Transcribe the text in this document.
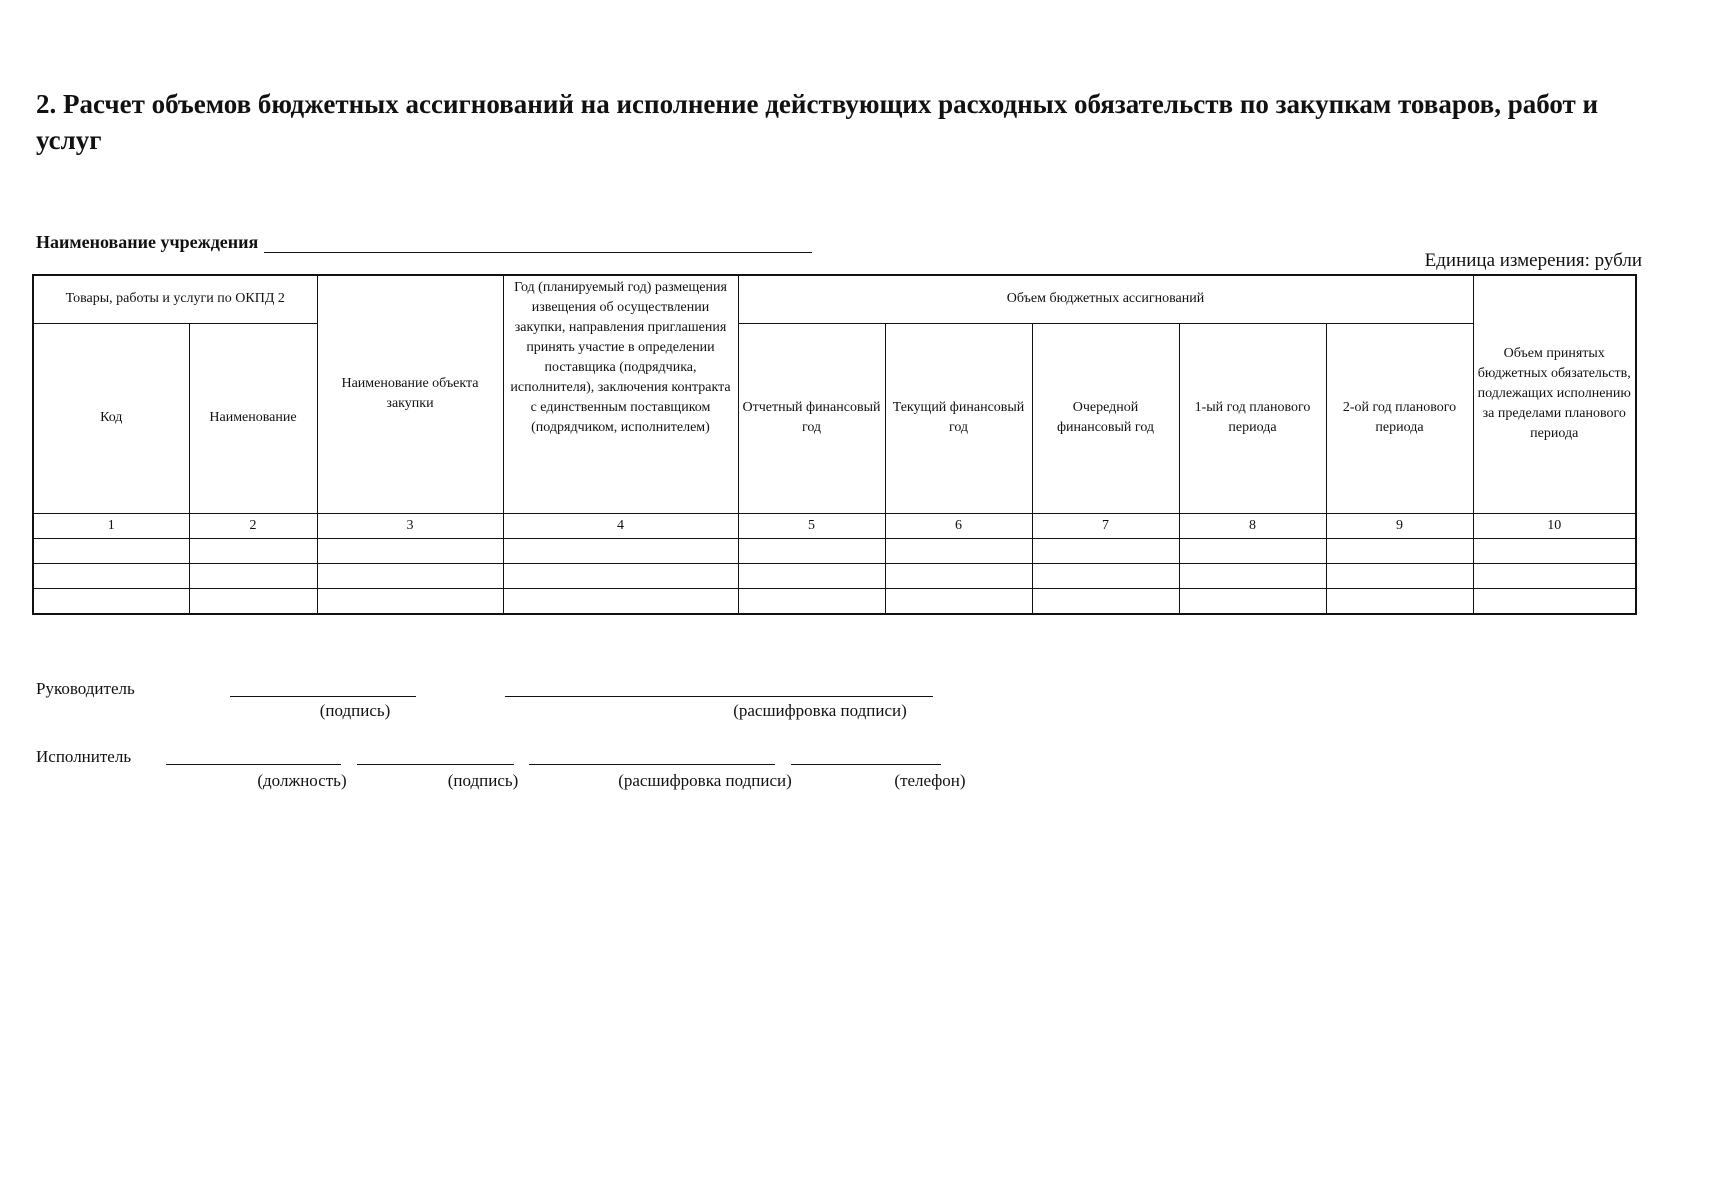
2. Расчет объемов бюджетных ассигнований на исполнение действующих расходных обязательств по закупкам товаров, работ и услуг
Наименование учреждения
Единица измерения: рубли
Товары, работы и услуги по ОКПД 2		Наименование объекта закупки	Год (планируемый год) размещения извещения об осуществлении закупки, направления приглашения принять участие в определении поставщика (подрядчика, исполнителя), заключения контракта с единственным поставщиком (подрядчиком, исполнителем)	Объем бюджетных ассигнований					Объем принятых бюджетных обязательств, подлежащих исполнению за пределами планового периода
Код	Наименование			Отчетный финансовый год	Текущий финансовый год	Очередной финансовый год	1-ый год планового периода	2-ой год планового периода	
1	2	3	4	5	6	7	8	9	10

Руководитель
(подпись)	(расшифровка подписи)
Исполнитель
(должность)	(подпись)	(расшифровка подписи)	(телефон)
